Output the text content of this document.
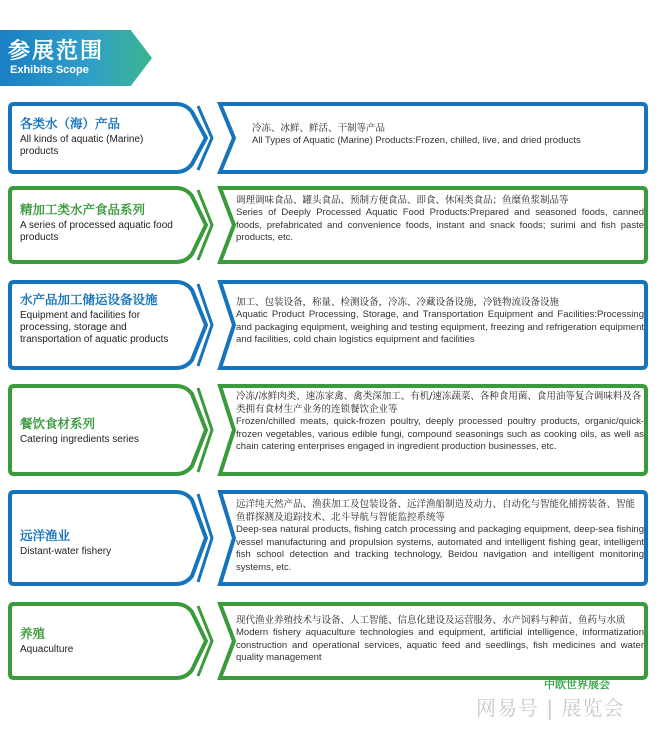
参展范围
Exhibits Scope
各类水（海）产品
All kinds of aquatic (Marine) products
冷冻、冰鲜、鲜活、干制等产品
All Types of Aquatic (Marine) Products:Frozen, chilled, live, and dried products
精加工类水产食品系列
A series of processed aquatic food products
调理调味食品、罐头食品、预制方便食品、即食、休闲类食品；鱼糜鱼浆制品等
Series of Deeply Processed Aquatic Food Products:Prepared and seasoned foods, canned foods, prefabricated and convenience foods, instant and snack foods; surimi and fish paste products, etc.
水产品加工储运设备设施
Equipment and facilities for processing, storage and transportation of aquatic products
加工、包装设备，称量、检测设备，冷冻、冷藏设备设施，冷链物流设备设施
Aquatic Product Processing, Storage, and Transportation Equipment and Facilities:Processing and packaging equipment, weighing and testing equipment, freezing and refrigeration equipment and facilities, cold chain logistics equipment and facilities
餐饮食材系列
Catering ingredients series
冷冻/冰鲜肉类、速冻家禽、禽类深加工、有机/速冻蔬菜、各种食用菌、食用油等复合调味料及各类拥有食材生产业务的连锁餐饮企业等
Frozen/chilled meats, quick-frozen poultry, deeply processed poultry products, organic/quick-frozen vegetables, various edible fungi, compound seasonings such as cooking oils, as well as chain catering enterprises engaged in ingredient production businesses, etc.
远洋渔业
Distant-water fishery
远洋纯天然产品、渔获加工及包装设备、远洋渔船制造及动力、自动化与智能化捕捞装备、智能鱼群探测及追踪技术、北斗导航与智能监控系统等
Deep-sea natural products, fishing catch processing and packaging equipment, deep-sea fishing vessel manufacturing and propulsion systems, automated and intelligent fishing gear, intelligent fish school detection and tracking technology, Beidou navigation and intelligent monitoring systems, etc.
养殖
Aquaculture
现代渔业养殖技术与设备、人工智能、信息化建设及运营服务、水产饲料与种苗、鱼药与水质
Modern fishery aquaculture technologies and equipment, artificial intelligence, informatization construction and operational services, aquatic feed and seedlings, fish medicines and water quality management
中欧世界展会
网易号 | 展览会
